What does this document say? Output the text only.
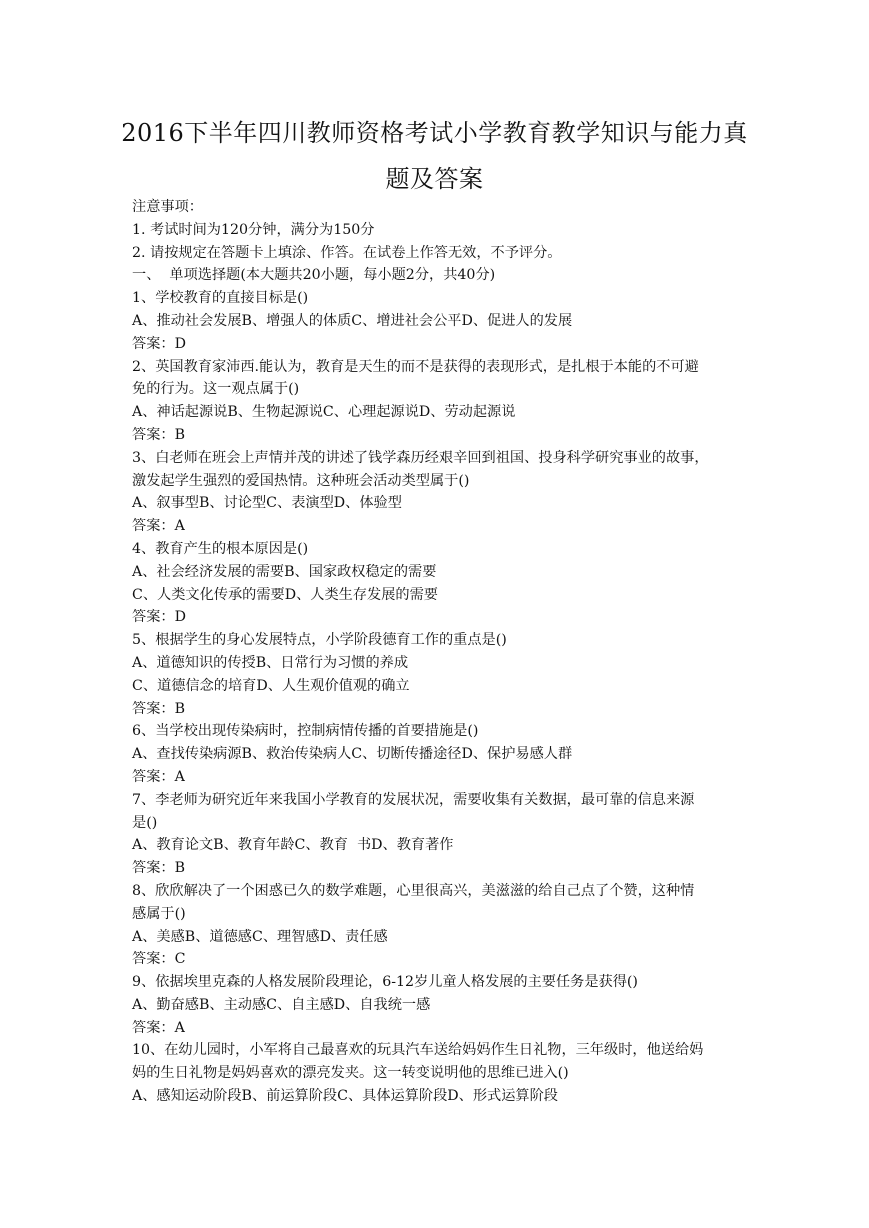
2016下半年四川教师资格考试小学教育教学知识与能力真
题及答案

注意事项：

1. 考试时间为120分钟，满分为150分

2. 请按规定在答题卡上填涂、作答。在试卷上作答无效，不予评分。

一、  单项选择题(本大题共20小题，每小题2分，共40分)

1、学校教育的直接目标是()

A、推动社会发展B、增强人的体质C、增进社会公平D、促进人的发展

答案：D

2、英国教育家沛西.能认为，教育是天生的而不是获得的表现形式，是扎根于本能的不可避

免的行为。这一观点属于()

A、神话起源说B、生物起源说C、心理起源说D、劳动起源说

答案：B

3、白老师在班会上声情并茂的讲述了钱学森历经艰辛回到祖国、投身科学研究事业的故事，

激发起学生强烈的爱国热情。这种班会活动类型属于()

A、叙事型B、讨论型C、表演型D、体验型

答案：A

4、教育产生的根本原因是()

A、社会经济发展的需要B、国家政权稳定的需要

C、人类文化传承的需要D、人类生存发展的需要

答案：D

5、根据学生的身心发展特点，小学阶段德育工作的重点是()

A、道德知识的传授B、日常行为习惯的养成

C、道德信念的培育D、人生观价值观的确立

答案：B

6、当学校出现传染病时，控制病情传播的首要措施是()

A、查找传染病源B、救治传染病人C、切断传播途径D、保护易感人群

答案：A

7、李老师为研究近年来我国小学教育的发展状况，需要收集有关数据，最可靠的信息来源

是()

A、教育论文B、教育年龄C、教育  书D、教育著作

答案：B

8、欣欣解决了一个困惑已久的数学难题，心里很高兴，美滋滋的给自己点了个赞，这种情

感属于()

A、美感B、道德感C、理智感D、责任感

答案：C

9、依据埃里克森的人格发展阶段理论，6-12岁儿童人格发展的主要任务是获得()

A、勤奋感B、主动感C、自主感D、自我统一感

答案：A

10、在幼儿园时，小军将自己最喜欢的玩具汽车送给妈妈作生日礼物，三年级时，他送给妈

妈的生日礼物是妈妈喜欢的漂亮发夹。这一转变说明他的思维已进入()

A、感知运动阶段B、前运算阶段C、具体运算阶段D、形式运算阶段
